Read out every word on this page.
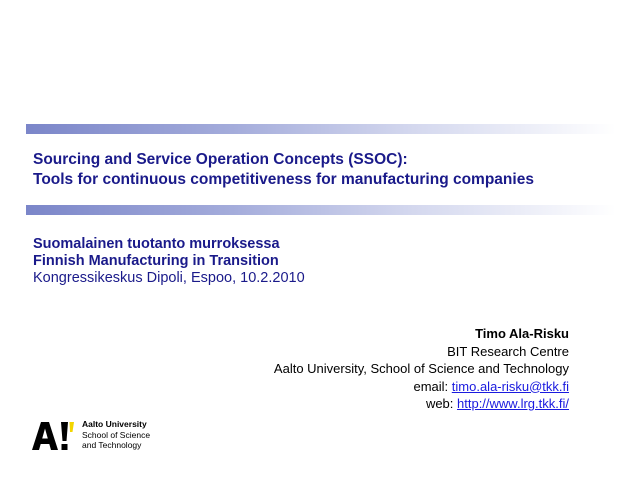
Sourcing and Service Operation Concepts (SSOC):
Tools for continuous competitiveness for manufacturing companies
Suomalainen tuotanto murroksessa
Finnish Manufacturing in Transition
Kongressikeskus Dipoli, Espoo, 10.2.2010
Timo Ala-Risku
BIT Research Centre
Aalto University, School of Science and Technology
email: timo.ala-risku@tkk.fi
web: http://www.lrg.tkk.fi/
Aalto University
School of Science
and Technology
